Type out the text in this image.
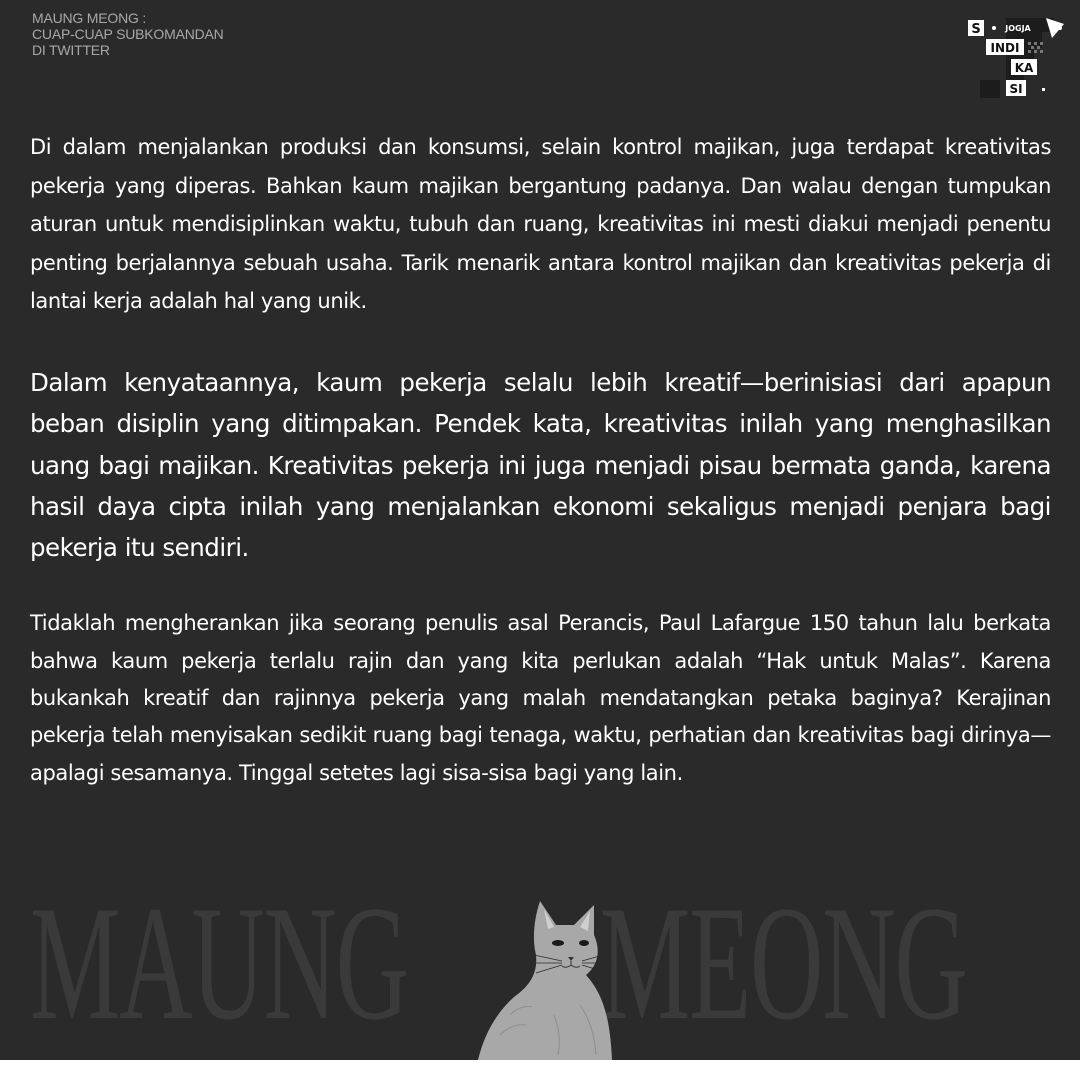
MAUNG MEONG :
CUAP-CUAP SUBKOMANDAN
DI TWITTER
S	JOGJA
INDI
KA
SI

Di dalam menjalankan produksi dan konsumsi, selain kontrol majikan, juga terdapat kreativitas pekerja yang diperas. Bahkan kaum majikan bergantung padanya. Dan walau dengan tumpukan aturan untuk mendisiplinkan waktu, tubuh dan ruang, kreativitas ini mesti diakui menjadi penentu penting berjalannya sebuah usaha. Tarik menarik antara kontrol majikan dan kreativitas pekerja di lantai kerja adalah hal yang unik.

Dalam kenyataannya, kaum pekerja selalu lebih kreatif—berinisiasi dari apapun beban disiplin yang ditimpakan. Pendek kata, kreativitas inilah yang menghasilkan uang bagi majikan. Kreativitas pekerja ini juga menjadi pisau bermata ganda, karena hasil daya cipta inilah yang menjalankan ekonomi sekaligus menjadi penjara bagi pekerja itu sendiri.

Tidaklah mengherankan jika seorang penulis asal Perancis, Paul Lafargue 150 tahun lalu berkata bahwa kaum pekerja terlalu rajin dan yang kita perlukan adalah “Hak untuk Malas”. Karena bukankah kreatif dan rajinnya pekerja yang malah mendatangkan petaka baginya? Kerajinan pekerja telah menyisakan sedikit ruang bagi tenaga, waktu, perhatian dan kreativitas bagi dirinya—apalagi sesamanya. Tinggal setetes lagi sisa-sisa bagi yang lain.

MAUNG MEONG
